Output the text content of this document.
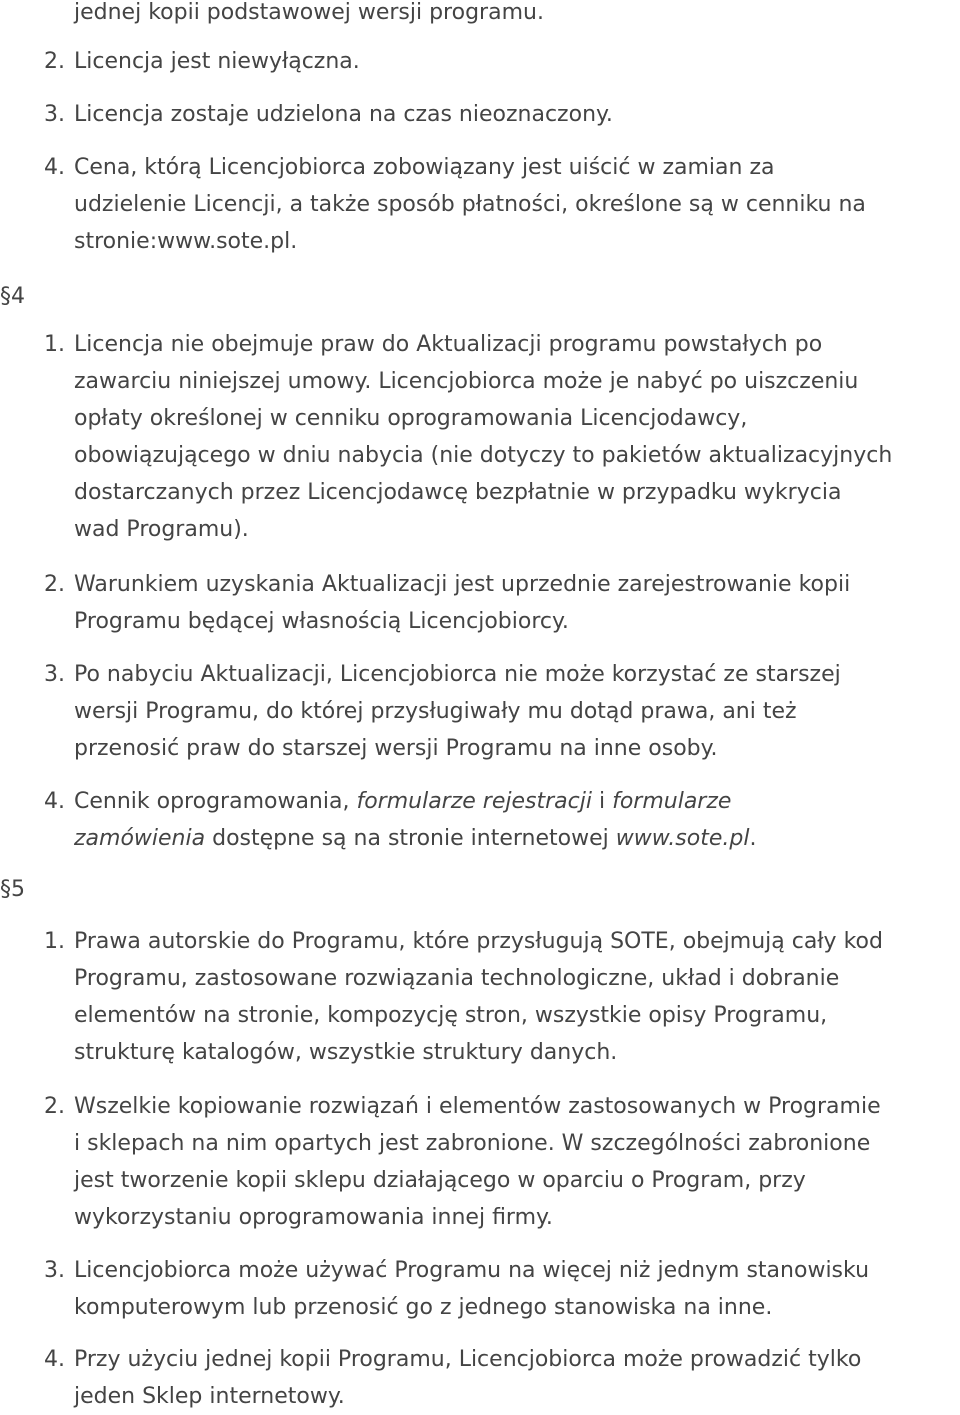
jednej kopii podstawowej wersji programu.
2. Licencja jest niewyłączna.
3. Licencja zostaje udzielona na czas nieoznaczony.
4. Cena, którą Licencjobiorca zobowiązany jest uiścić w zamian za
udzielenie Licencji, a także sposób płatności, określone są w cenniku na
stronie:www.sote.pl.
§4
1. Licencja nie obejmuje praw do Aktualizacji programu powstałych po
zawarciu niniejszej umowy. Licencjobiorca może je nabyć po uiszczeniu
opłaty określonej w cenniku oprogramowania Licencjodawcy,
obowiązującego w dniu nabycia (nie dotyczy to pakietów aktualizacyjnych
dostarczanych przez Licencjodawcę bezpłatnie w przypadku wykrycia
wad Programu).
2. Warunkiem uzyskania Aktualizacji jest uprzednie zarejestrowanie kopii
Programu będącej własnością Licencjobiorcy.
3. Po nabyciu Aktualizacji, Licencjobiorca nie może korzystać ze starszej
wersji Programu, do której przysługiwały mu dotąd prawa, ani też
przenosić praw do starszej wersji Programu na inne osoby.
4. Cennik oprogramowania, formularze rejestracji i formularze
zamówienia dostępne są na stronie internetowej www.sote.pl.
§5
1. Prawa autorskie do Programu, które przysługują SOTE, obejmują cały kod
Programu, zastosowane rozwiązania technologiczne, układ i dobranie
elementów na stronie, kompozycję stron, wszystkie opisy Programu,
strukturę katalogów, wszystkie struktury danych.
2. Wszelkie kopiowanie rozwiązań i elementów zastosowanych w Programie
i sklepach na nim opartych jest zabronione. W szczególności zabronione
jest tworzenie kopii sklepu działającego w oparciu o Program, przy
wykorzystaniu oprogramowania innej firmy.
3. Licencjobiorca może używać Programu na więcej niż jednym stanowisku
komputerowym lub przenosić go z jednego stanowiska na inne.
4. Przy użyciu jednej kopii Programu, Licencjobiorca może prowadzić tylko
jeden Sklep internetowy.
